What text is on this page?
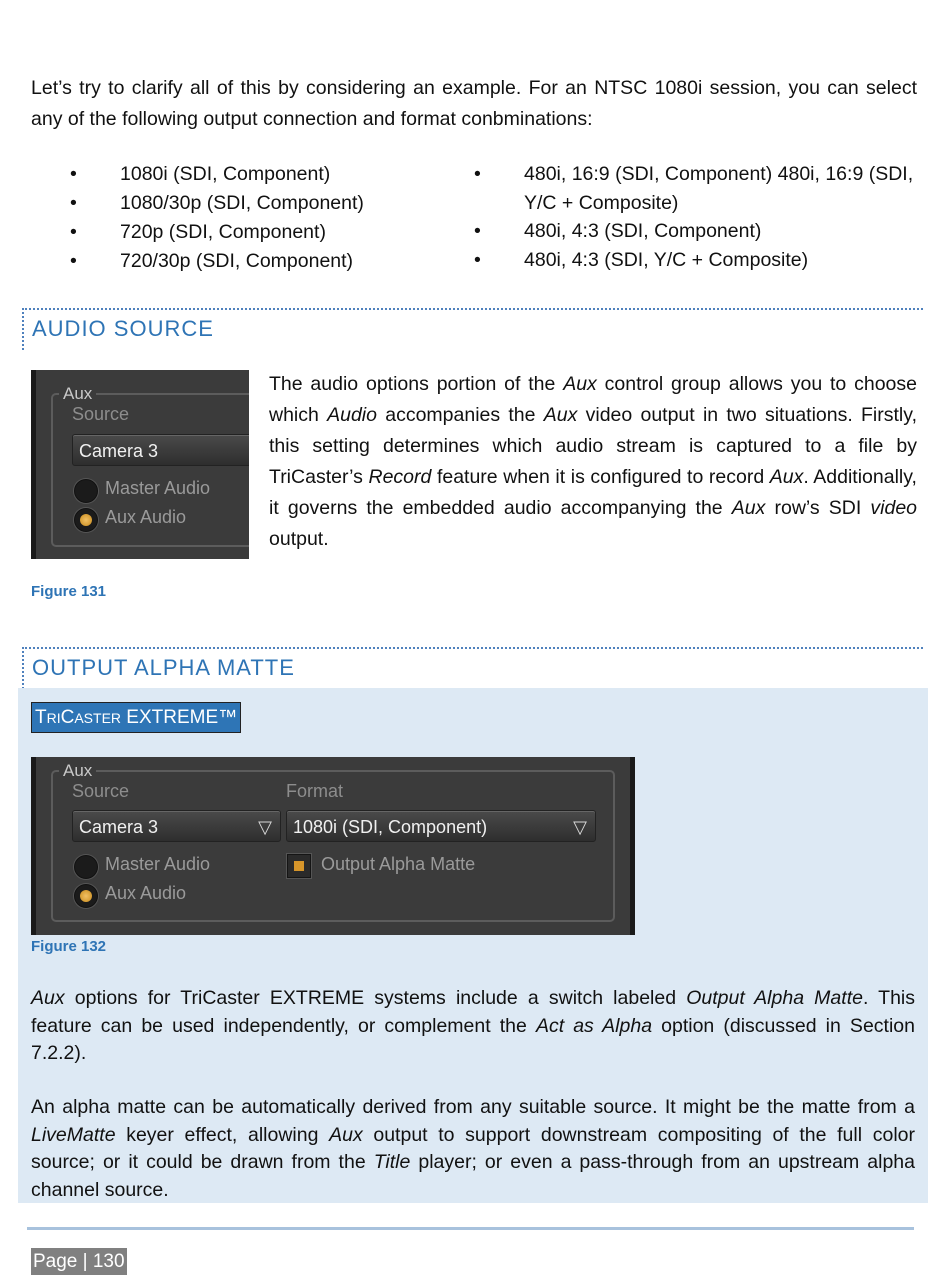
Let’s try to clarify all of this by considering an example. For an NTSC 1080i session, you can select any of the following output connection and format conbminations:

• 1080i (SDI, Component)
• 1080/30p (SDI, Component)
• 720p (SDI, Component)
• 720/30p (SDI, Component)
• 480i, 16:9 (SDI, Component) 480i, 16:9 (SDI, Y/C + Composite)
• 480i, 4:3 (SDI, Component)
• 480i, 4:3 (SDI, Y/C + Composite)
AUDIO SOURCE
Aux
Source
Camera 3
Master Audio
Aux Audio

The audio options portion of the Aux control group allows you to choose which Audio accompanies the Aux video output in two situations. Firstly, this setting determines which audio stream is captured to a file by TriCaster’s Record feature when it is configured to record Aux. Additionally, it governs the embedded audio accompanying the Aux row’s SDI video output.

Figure 131
OUTPUT ALPHA MATTE
TRICASTER EXTREME™
Aux
Source	Format
Camera 3	▽	1080i (SDI, Component)	▽
Master Audio
Aux Audio
Output Alpha Matte
Figure 132

Aux options for TriCaster EXTREME systems include a switch labeled Output Alpha Matte. This feature can be used independently, or complement the Act as Alpha option (discussed in Section 7.2.2).

An alpha matte can be automatically derived from any suitable source. It might be the matte from a LiveMatte keyer effect, allowing Aux output to support downstream compositing of the full color source; or it could be drawn from the Title player; or even a pass-through from an upstream alpha channel source.

Page | 130
